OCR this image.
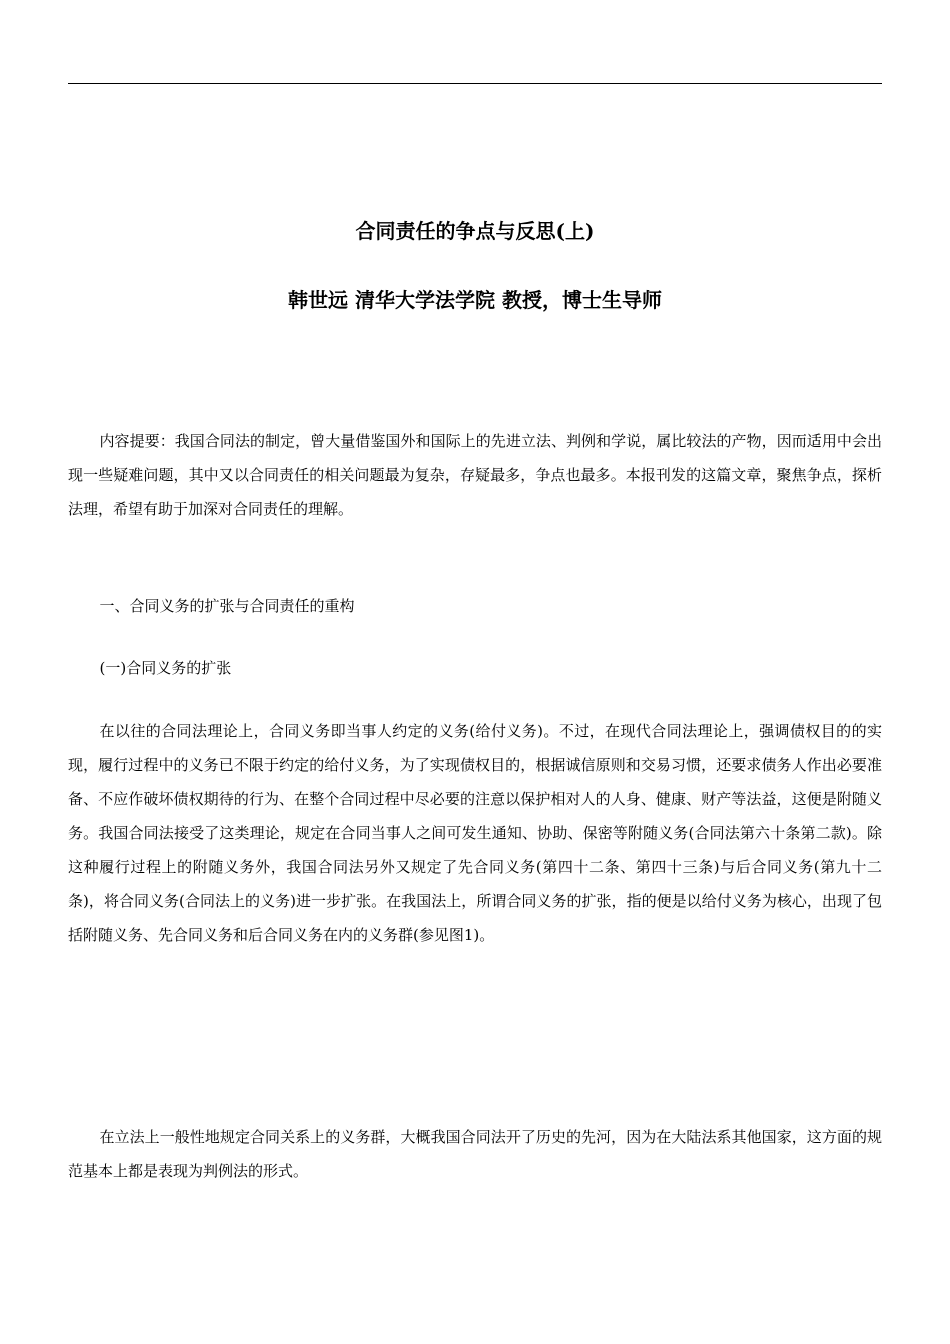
合同责任的争点与反思(上)
韩世远 清华大学法学院 教授，博士生导师

内容提要：我国合同法的制定，曾大量借鉴国外和国际上的先进立法、判例和学说，属比较法的产物，因而适用中会出现一些疑难问题，其中又以合同责任的相关问题最为复杂，存疑最多，争点也最多。本报刊发的这篇文章，聚焦争点，探析法理，希望有助于加深对合同责任的理解。

一、合同义务的扩张与合同责任的重构

(一)合同义务的扩张

在以往的合同法理论上，合同义务即当事人约定的义务(给付义务)。不过，在现代合同法理论上，强调债权目的的实现，履行过程中的义务已不限于约定的给付义务，为了实现债权目的，根据诚信原则和交易习惯，还要求债务人作出必要准备、不应作破坏债权期待的行为、在整个合同过程中尽必要的注意以保护相对人的人身、健康、财产等法益，这便是附随义务。我国合同法接受了这类理论，规定在合同当事人之间可发生通知、协助、保密等附随义务(合同法第六十条第二款)。除这种履行过程上的附随义务外，我国合同法另外又规定了先合同义务(第四十二条、第四十三条)与后合同义务(第九十二条)，将合同义务(合同法上的义务)进一步扩张。在我国法上，所谓合同义务的扩张，指的便是以给付义务为核心，出现了包括附随义务、先合同义务和后合同义务在内的义务群(参见图1)。

在立法上一般性地规定合同关系上的义务群，大概我国合同法开了历史的先河，因为在大陆法系其他国家，这方面的规范基本上都是表现为判例法的形式。
